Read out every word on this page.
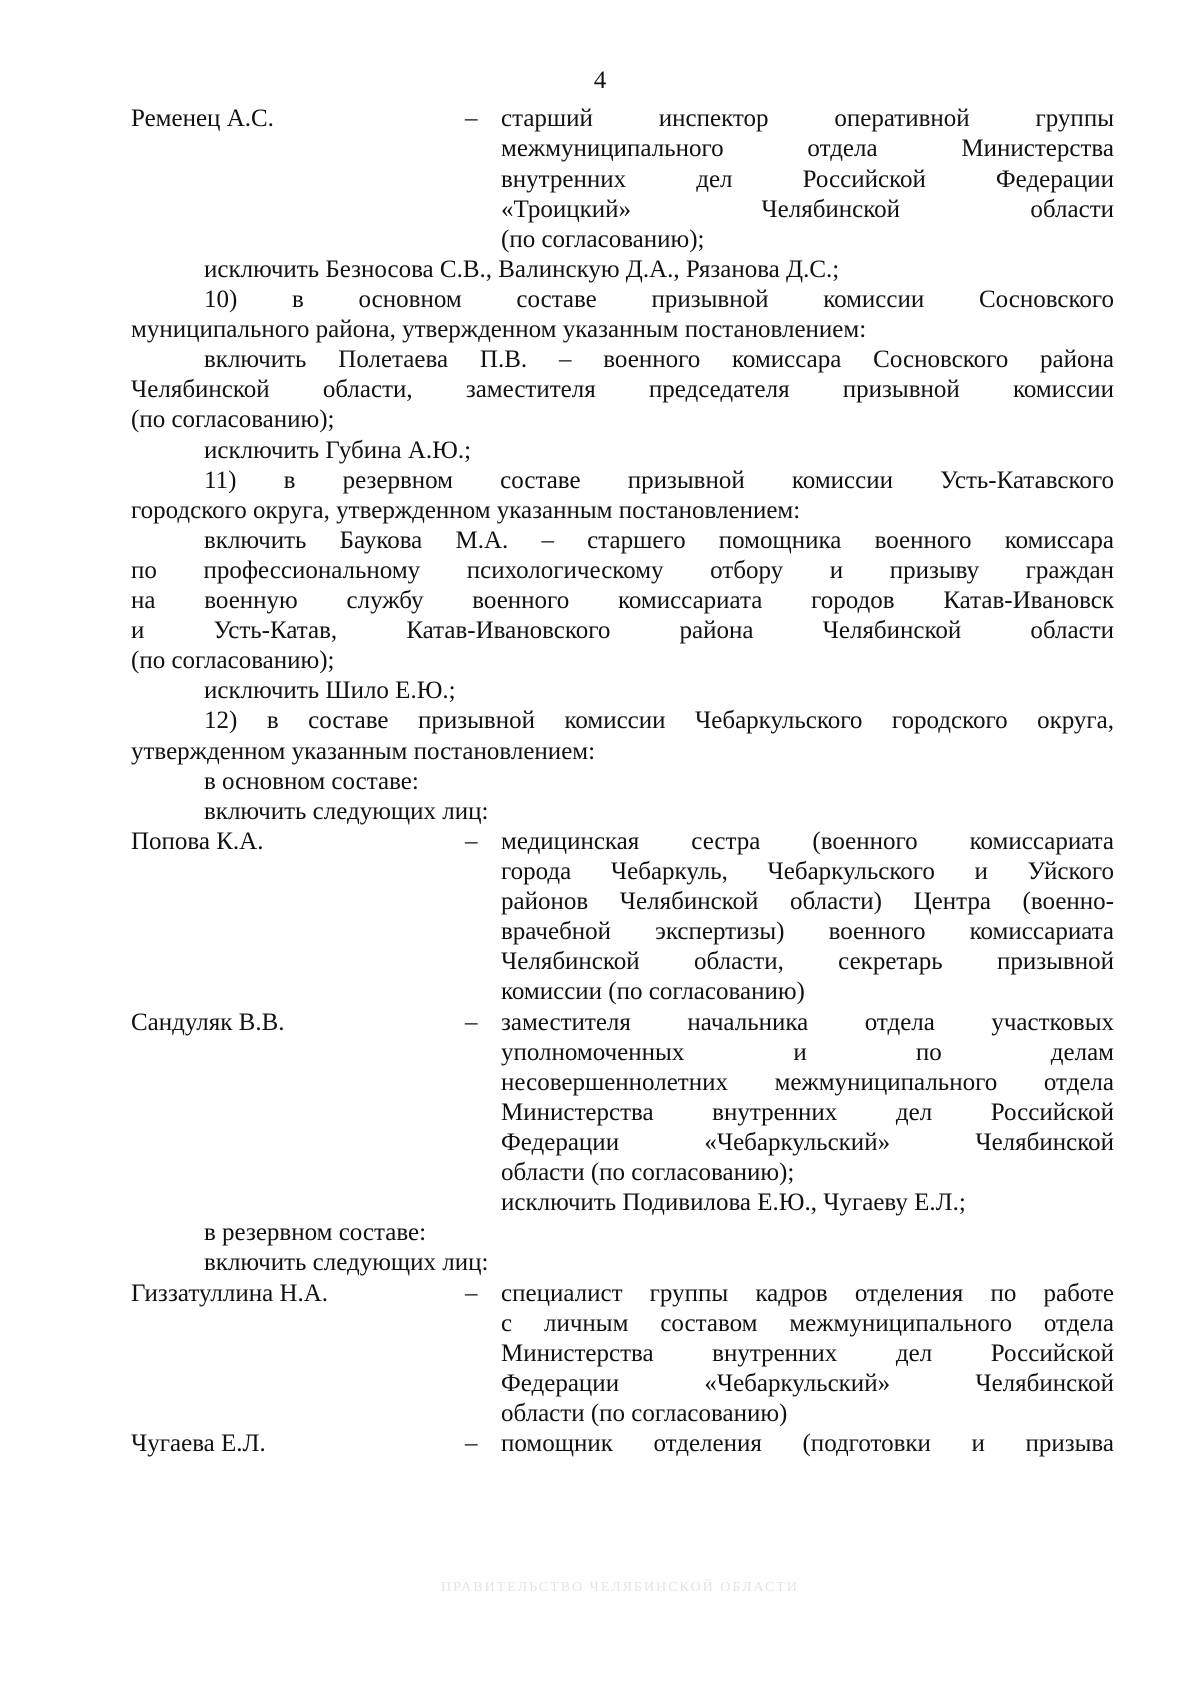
4
Ременец А.С.	– старший инспектор оперативной группы
межмуниципального отдела Министерства
внутренних дел Российской Федерации
«Троицкий» Челябинской области
(по согласованию);
исключить Безносова С.В., Валинскую Д.А., Рязанова Д.С.;
10) в основном составе призывной комиссии Сосновского
муниципального района, утвержденном указанным постановлением:
включить Полетаева П.В. – военного комиссара Сосновского района
Челябинской области, заместителя председателя призывной комиссии
(по согласованию);
исключить Губина А.Ю.;
11) в резервном составе призывной комиссии Усть-Катавского
городского округа, утвержденном указанным постановлением:
включить Баукова М.А. – старшего помощника военного комиссара
по профессиональному психологическому отбору и призыву граждан
на военную службу военного комиссариата городов Катав-Ивановск
и Усть-Катав, Катав-Ивановского района Челябинской области
(по согласованию);
исключить Шило Е.Ю.;
12) в составе призывной комиссии Чебаркульского городского округа,
утвержденном указанным постановлением:
в основном составе:
включить следующих лиц:
Попова К.А.	– медицинская сестра (военного комиссариата
города Чебаркуль, Чебаркульского и Уйского
районов Челябинской области) Центра (военно-
врачебной экспертизы) военного комиссариата
Челябинской области, секретарь призывной
комиссии (по согласованию)
Сандуляк В.В.	– заместителя начальника отдела участковых
уполномоченных и по делам
несовершеннолетних межмуниципального отдела
Министерства внутренних дел Российской
Федерации «Чебаркульский» Челябинской
области (по согласованию);
исключить Подивилова Е.Ю., Чугаеву Е.Л.;
в резервном составе:
включить следующих лиц:
Гиззатуллина Н.А.	– специалист группы кадров отделения по работе
с личным составом межмуниципального отдела
Министерства внутренних дел Российской
Федерации «Чебаркульский» Челябинской
области (по согласованию)
Чугаева Е.Л.	– помощник отделения (подготовки и призыва
ПРАВИТЕЛЬСТВО ЧЕЛЯБИНСКОЙ ОБЛАСТИ
